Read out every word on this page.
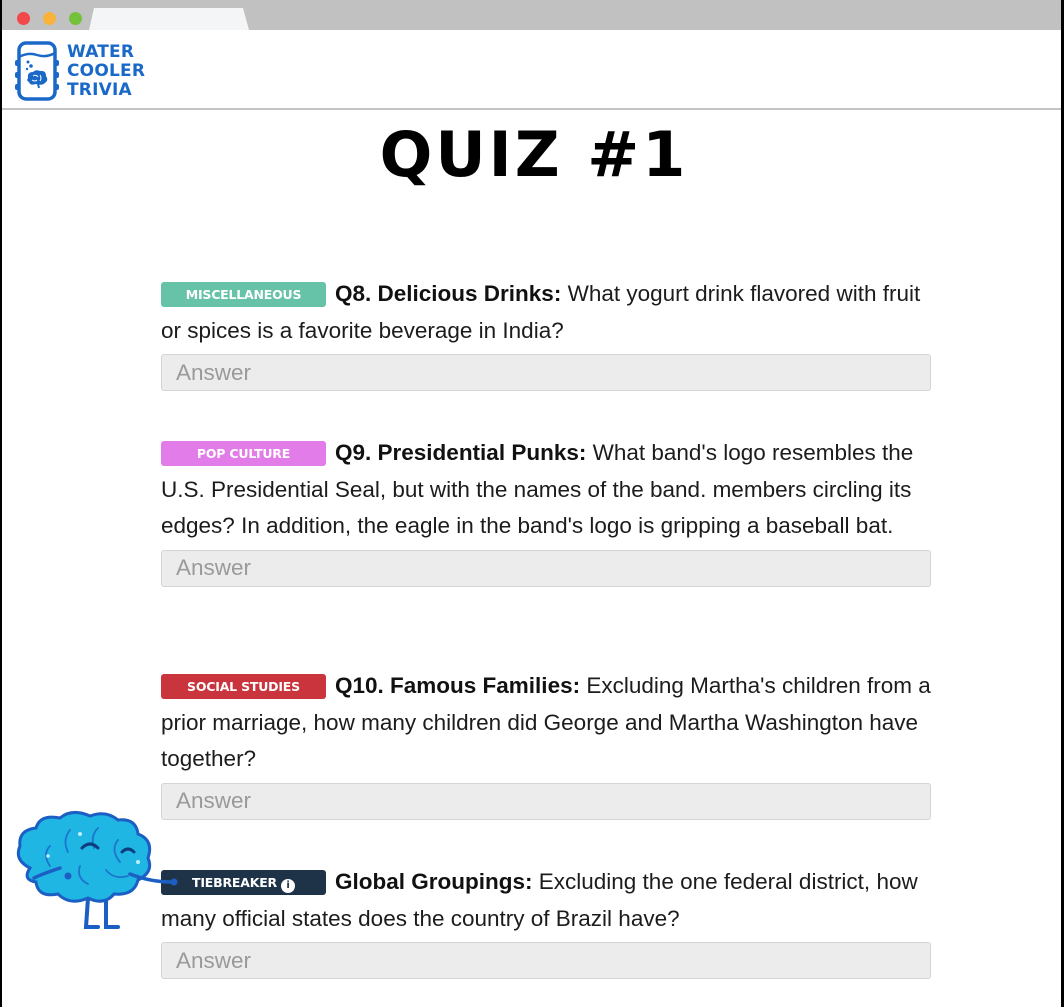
WATER
COOLER
TRIVIA
QUIZ #1
MISCELLANEOUS Q8. Delicious Drinks: What yogurt drink flavored with fruit or spices is a favorite beverage in India?
Answer
POP CULTURE Q9. Presidential Punks: What band's logo resembles the U.S. Presidential Seal, but with the names of the band. members circling its edges? In addition, the eagle in the band's logo is gripping a baseball bat.
Answer
SOCIAL STUDIES Q10. Famous Families: Excluding Martha's children from a prior marriage, how many children did George and Martha Washington have together?
Answer
TIEBREAKER i Global Groupings: Excluding the one federal district, how many official states does the country of Brazil have?
Answer
